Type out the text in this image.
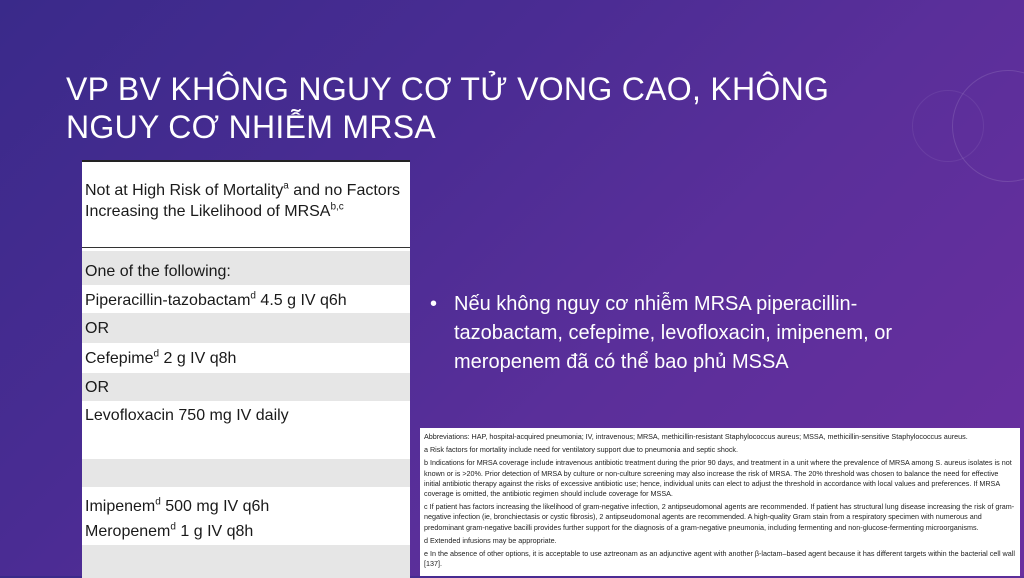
VP BV KHÔNG NGUY CƠ TỬ VONG CAO, KHÔNG
NGUY CƠ NHIỄM MRSA
Not at High Risk of Mortality$^a$ and no Factors Increasing the Likelihood of MRSA$^{b,c}$
One of the following:
Piperacillin-tazobactam$^d$ 4.5 g IV q6h
OR
Cefepime$^d$ 2 g IV q8h
OR
Levofloxacin 750 mg IV daily
Imipenem$^d$ 500 mg IV q6h
Meropenem$^d$ 1 g IV q8h
• Nếu không nguy cơ nhiễm MRSA piperacillin-tazobactam, cefepime, levofloxacin, imipenem, or meropenem đã có thể bao phủ MSSA

Abbreviations: HAP, hospital-acquired pneumonia; IV, intravenous; MRSA, methicillin-resistant Staphylococcus aureus; MSSA, methicillin-sensitive Staphylococcus aureus.

a Risk factors for mortality include need for ventilatory support due to pneumonia and septic shock.

b Indications for MRSA coverage include intravenous antibiotic treatment during the prior 90 days, and treatment in a unit where the prevalence of MRSA among S. aureus isolates is not known or is >20%. Prior detection of MRSA by culture or non-culture screening may also increase the risk of MRSA. The 20% threshold was chosen to balance the need for effective initial antibiotic therapy against the risks of excessive antibiotic use; hence, individual units can elect to adjust the threshold in accordance with local values and preferences. If MRSA coverage is omitted, the antibiotic regimen should include coverage for MSSA.

c If patient has factors increasing the likelihood of gram-negative infection, 2 antipseudomonal agents are recommended. If patient has structural lung disease increasing the risk of gram-negative infection (ie, bronchiectasis or cystic fibrosis), 2 antipseudomonal agents are recommended. A high-quality Gram stain from a respiratory specimen with numerous and predominant gram-negative bacilli provides further support for the diagnosis of a gram-negative pneumonia, including fermenting and non-glucose-fermenting microorganisms.

d Extended infusions may be appropriate.

e In the absence of other options, it is acceptable to use aztreonam as an adjunctive agent with another β-lactam–based agent because it has different targets within the bacterial cell wall [137].
